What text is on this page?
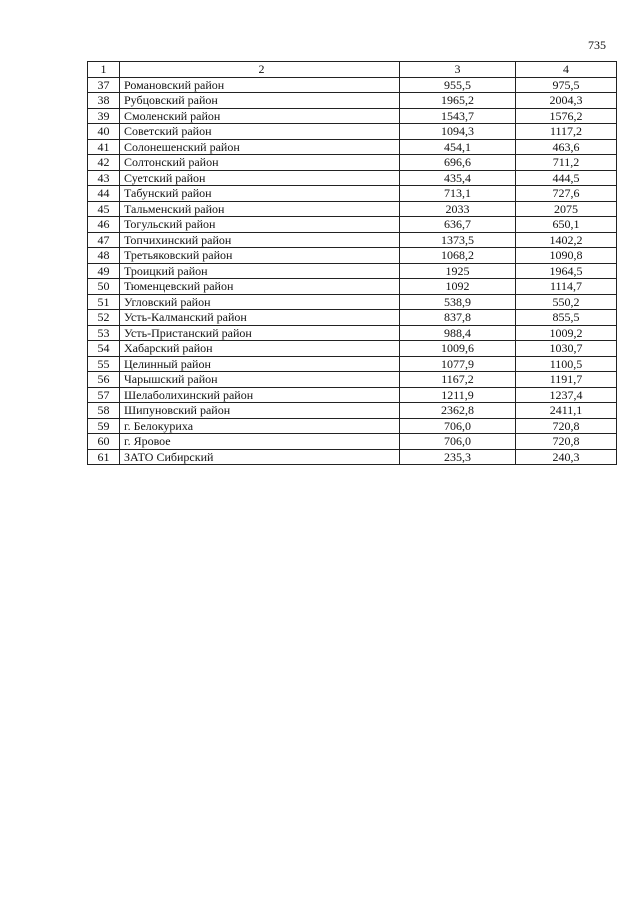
735
1	2	3	4
37	Романовский район	955,5	975,5
38	Рубцовский район	1965,2	2004,3
39	Смоленский район	1543,7	1576,2
40	Советский район	1094,3	1117,2
41	Солонешенский район	454,1	463,6
42	Солтонский район	696,6	711,2
43	Суетский район	435,4	444,5
44	Табунский район	713,1	727,6
45	Тальменский район	2033	2075
46	Тогульский район	636,7	650,1
47	Топчихинский район	1373,5	1402,2
48	Третьяковский район	1068,2	1090,8
49	Троицкий район	1925	1964,5
50	Тюменцевский район	1092	1114,7
51	Угловский район	538,9	550,2
52	Усть-Калманский район	837,8	855,5
53	Усть-Пристанский район	988,4	1009,2
54	Хабарский район	1009,6	1030,7
55	Целинный район	1077,9	1100,5
56	Чарышский район	1167,2	1191,7
57	Шелаболихинский район	1211,9	1237,4
58	Шипуновский район	2362,8	2411,1
59	г. Белокуриха	706,0	720,8
60	г. Яровое	706,0	720,8
61	ЗАТО Сибирский	235,3	240,3
